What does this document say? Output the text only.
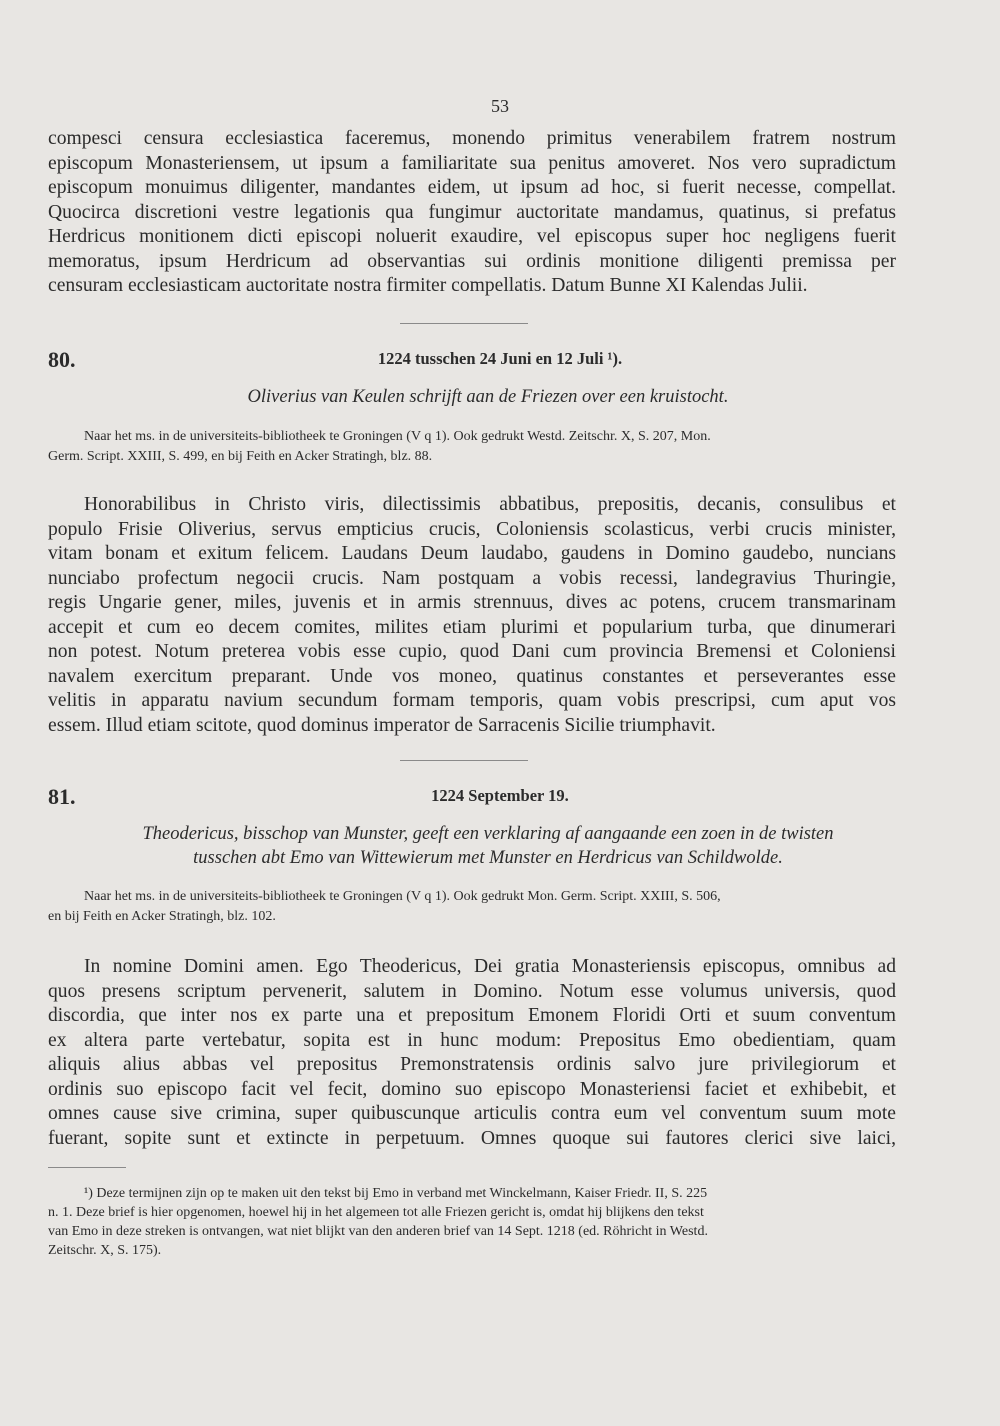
53
compesci censura ecclesiastica faceremus, monendo primitus venerabilem fratrem nostrum
episcopum Monasteriensem, ut ipsum a familiaritate sua penitus amoveret. Nos vero supradictum
episcopum monuimus diligenter, mandantes eidem, ut ipsum ad hoc, si fuerit necesse, compellat.
Quocirca discretioni vestre legationis qua fungimur auctoritate mandamus, quatinus, si prefatus
Herdricus monitionem dicti episcopi noluerit exaudire, vel episcopus super hoc negligens fuerit
memoratus, ipsum Herdricum ad observantias sui ordinis monitione diligenti premissa per
censuram ecclesiasticam auctoritate nostra firmiter compellatis. Datum Bunne XI Kalendas Julii.
80.	1224 tusschen 24 Juni en 12 Juli ¹).
Oliverius van Keulen schrijft aan de Friezen over een kruistocht.
Naar het ms. in de universiteits-bibliotheek te Groningen (V q 1). Ook gedrukt Westd. Zeitschr. X, S. 207, Mon.
Germ. Script. XXIII, S. 499, en bij Feith en Acker Stratingh, blz. 88.
Honorabilibus in Christo viris, dilectissimis abbatibus, prepositis, decanis, consulibus et
populo Frisie Oliverius, servus empticius crucis, Coloniensis scolasticus, verbi crucis minister,
vitam bonam et exitum felicem. Laudans Deum laudabo, gaudens in Domino gaudebo, nuncians
nunciabo profectum negocii crucis. Nam postquam a vobis recessi, landegravius Thuringie,
regis Ungarie gener, miles, juvenis et in armis strennuus, dives ac potens, crucem transmarinam
accepit et cum eo decem comites, milites etiam plurimi et popularium turba, que dinumerari
non potest. Notum preterea vobis esse cupio, quod Dani cum provincia Bremensi et Coloniensi
navalem exercitum preparant. Unde vos moneo, quatinus constantes et perseverantes esse
velitis in apparatu navium secundum formam temporis, quam vobis prescripsi, cum aput vos
essem. Illud etiam scitote, quod dominus imperator de Sarracenis Sicilie triumphavit.
81.	1224 September 19.
Theodericus, bisschop van Munster, geeft een verklaring af aangaande een zoen in de twisten
tusschen abt Emo van Wittewierum met Munster en Herdricus van Schildwolde.
Naar het ms. in de universiteits-bibliotheek te Groningen (V q 1). Ook gedrukt Mon. Germ. Script. XXIII, S. 506,
en bij Feith en Acker Stratingh, blz. 102.
In nomine Domini amen. Ego Theodericus, Dei gratia Monasteriensis episcopus, omnibus ad
quos presens scriptum pervenerit, salutem in Domino. Notum esse volumus universis, quod
discordia, que inter nos ex parte una et prepositum Emonem Floridi Orti et suum conventum
ex altera parte vertebatur, sopita est in hunc modum: Prepositus Emo obedientiam, quam
aliquis alius abbas vel prepositus Premonstratensis ordinis salvo jure privilegiorum et
ordinis suo episcopo facit vel fecit, domino suo episcopo Monasteriensi faciet et exhibebit, et
omnes cause sive crimina, super quibuscunque articulis contra eum vel conventum suum mote
fuerant, sopite sunt et extincte in perpetuum. Omnes quoque sui fautores clerici sive laici,
¹) Deze termijnen zijn op te maken uit den tekst bij Emo in verband met Winckelmann, Kaiser Friedr. II, S. 225
n. 1. Deze brief is hier opgenomen, hoewel hij in het algemeen tot alle Friezen gericht is, omdat hij blijkens den tekst
van Emo in deze streken is ontvangen, wat niet blijkt van den anderen brief van 14 Sept. 1218 (ed. Röhricht in Westd.
Zeitschr. X, S. 175).
